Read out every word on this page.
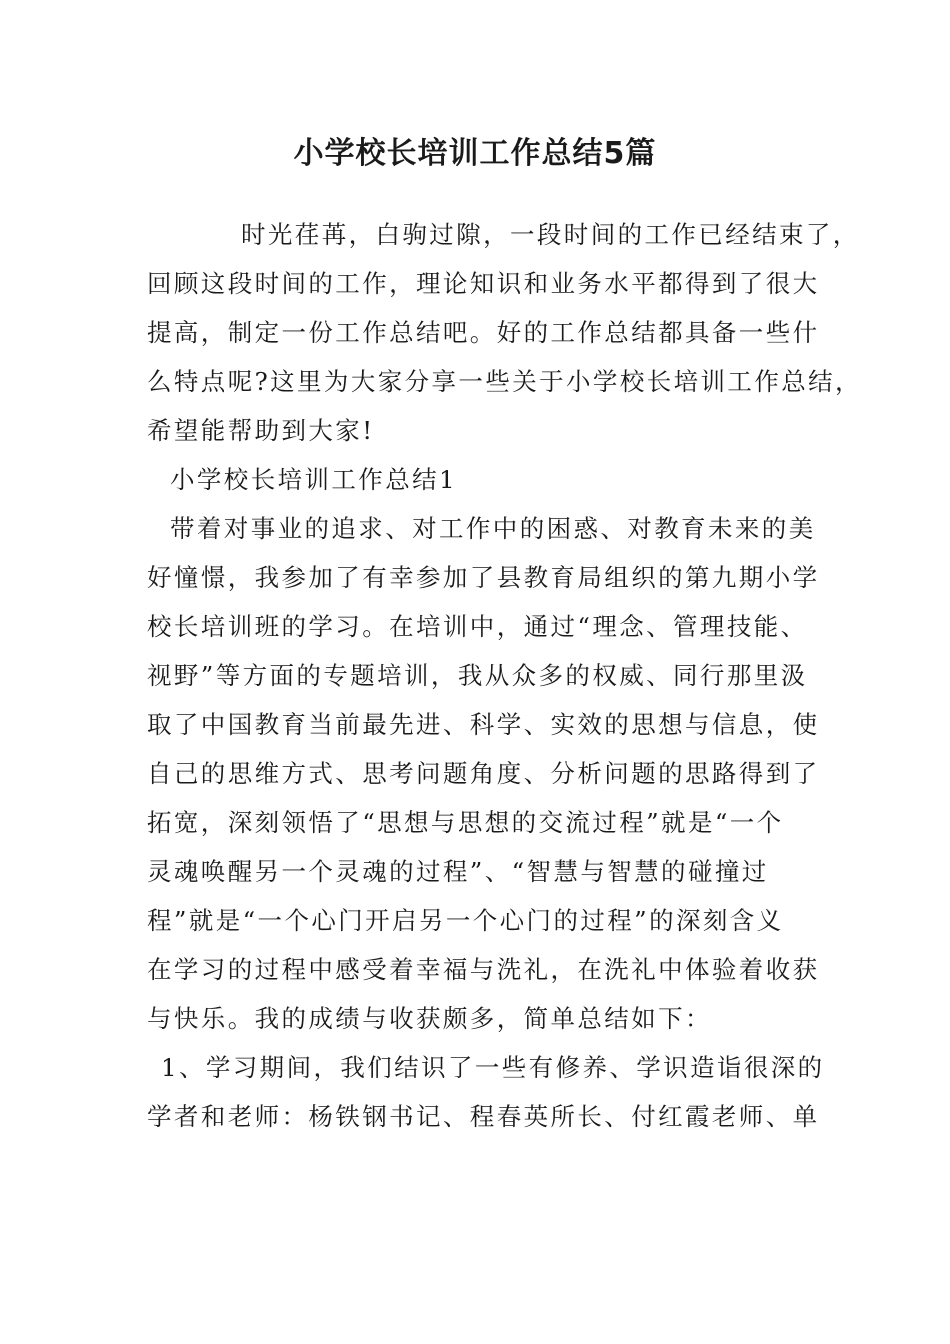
小学校长培训工作总结5篇
时光荏苒，白驹过隙，一段时间的工作已经结束了，
回顾这段时间的工作，理论知识和业务水平都得到了很大
提高，制定一份工作总结吧。好的工作总结都具备一些什
么特点呢?这里为大家分享一些关于小学校长培训工作总结，
希望能帮助到大家!
小学校长培训工作总结1
带着对事业的追求、对工作中的困惑、对教育未来的美
好憧憬，我参加了有幸参加了县教育局组织的第九期小学
校长培训班的学习。在培训中，通过“理念、管理技能、
视野”等方面的专题培训，我从众多的权威、同行那里汲
取了中国教育当前最先进、科学、实效的思想与信息，使
自己的思维方式、思考问题角度、分析问题的思路得到了
拓宽，深刻领悟了“思想与思想的交流过程”就是“一个
灵魂唤醒另一个灵魂的过程”、“智慧与智慧的碰撞过
程”就是“一个心门开启另一个心门的过程”的深刻含义
在学习的过程中感受着幸福与洗礼，在洗礼中体验着收获
与快乐。我的成绩与收获颇多，简单总结如下：
1、学习期间，我们结识了一些有修养、学识造诣很深的
学者和老师：杨铁钢书记、程春英所长、付红霞老师、单
